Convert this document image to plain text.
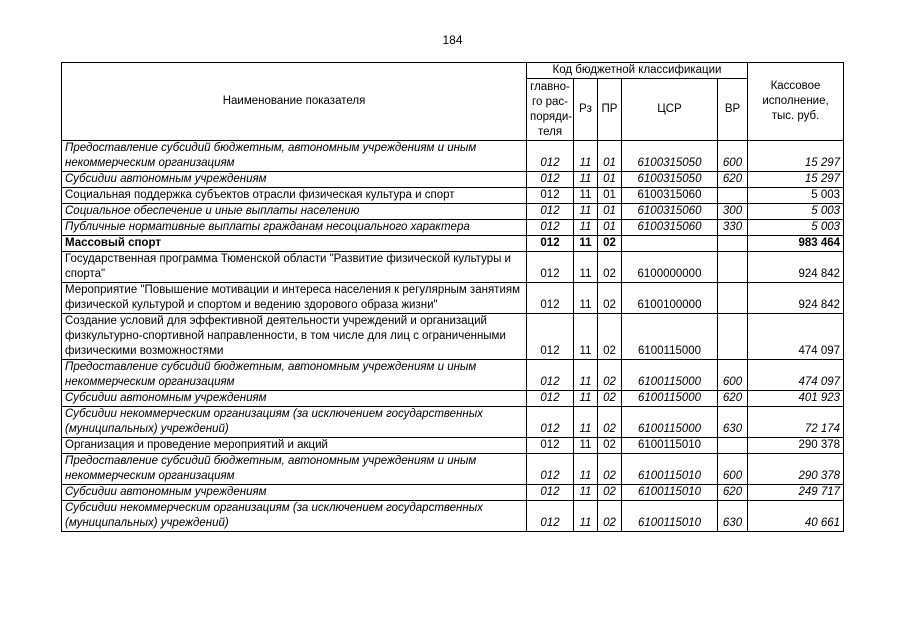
184
Наименование показателя	Код бюджетной классификации					Кассовое исполнение, тыс. руб.
	главно-го рас-поряди-теля	Рз	ПР	ЦСР	ВР	
Предоставление субсидий бюджетным, автономным учреждениям и иным некоммерческим организациям	012	11	01	6100315050	600	15 297
Субсидии автономным учреждениям	012	11	01	6100315050	620	15 297
Социальная поддержка субъектов отрасли физическая культура и спорт	012	11	01	6100315060		5 003
Социальное обеспечение и иные выплаты населению	012	11	01	6100315060	300	5 003
Публичные нормативные выплаты гражданам несоциального характера	012	11	01	6100315060	330	5 003
Массовый спорт	012	11	02			983 464
Государственная программа Тюменской области "Развитие физической культуры и спорта"	012	11	02	6100000000		924 842
Мероприятие "Повышение мотивации и интереса населения к регулярным занятиям физической культурой и спортом и ведению здорового образа жизни"	012	11	02	6100100000		924 842
Создание условий для эффективной деятельности учреждений и организаций физкультурно-спортивной направленности, в том числе для лиц с ограниченными физическими возможностями	012	11	02	6100115000		474 097
Предоставление субсидий бюджетным, автономным учреждениям и иным некоммерческим организациям	012	11	02	6100115000	600	474 097
Субсидии автономным учреждениям	012	11	02	6100115000	620	401 923
Субсидии некоммерческим организациям (за исключением государственных (муниципальных) учреждений)	012	11	02	6100115000	630	72 174
Организация и проведение мероприятий и акций	012	11	02	6100115010		290 378
Предоставление субсидий бюджетным, автономным учреждениям и иным некоммерческим организациям	012	11	02	6100115010	600	290 378
Субсидии автономным учреждениям	012	11	02	6100115010	620	249 717
Субсидии некоммерческим организациям (за исключением государственных (муниципальных) учреждений)	012	11	02	6100115010	630	40 661
